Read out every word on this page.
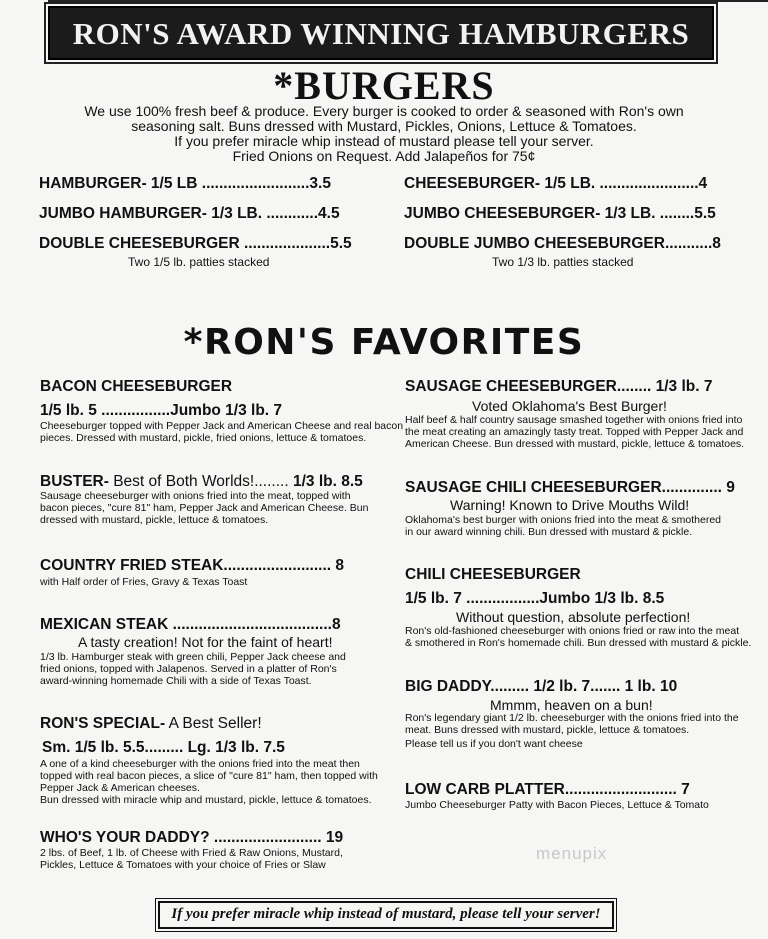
RON'S AWARD WINNING HAMBURGERS
*BURGERS
We use 100% fresh beef & produce. Every burger is cooked to order & seasoned with Ron's own
seasoning salt. Buns dressed with Mustard, Pickles, Onions, Lettuce & Tomatoes.
If you prefer miracle whip instead of mustard please tell your server.
Fried Onions on Request. Add Jalapeños for 75¢
HAMBURGER- 1/5 LB .........................3.5
JUMBO HAMBURGER- 1/3 LB. ............4.5
DOUBLE CHEESEBURGER ....................5.5
Two 1/5 lb. patties stacked
CHEESEBURGER- 1/5 LB. .......................4
JUMBO CHEESEBURGER- 1/3 LB. ........5.5
DOUBLE JUMBO CHEESEBURGER...........8
Two 1/3 lb. patties stacked
*RON'S FAVORITES
BACON CHEESEBURGER
1/5 lb. 5 ................Jumbo 1/3 lb. 7
Cheeseburger topped with Pepper Jack and American Cheese and real bacon
pieces. Dressed with mustard, pickle, fried onions, lettuce & tomatoes.
BUSTER- Best of Both Worlds!........ 1/3 lb. 8.5
Sausage cheeseburger with onions fried into the meat, topped with
bacon pieces, "cure 81" ham, Pepper Jack and American Cheese. Bun
dressed with mustard, pickle, lettuce & tomatoes.
COUNTRY FRIED STEAK......................... 8
with Half order of Fries, Gravy & Texas Toast
MEXICAN STEAK .....................................8
A tasty creation! Not for the faint of heart!
1/3 lb. Hamburger steak with green chili, Pepper Jack cheese and
fried onions, topped with Jalapenos. Served in a platter of Ron's
award-winning homemade Chili with a side of Texas Toast.
RON'S SPECIAL- A Best Seller!
Sm. 1/5 lb. 5.5......... Lg. 1/3 lb. 7.5
A one of a kind cheeseburger with the onions fried into the meat then
topped with real bacon pieces, a slice of "cure 81" ham, then topped with
Pepper Jack & American cheeses.
Bun dressed with miracle whip and mustard, pickle, lettuce & tomatoes.
WHO'S YOUR DADDY? ......................... 19
2 lbs. of Beef, 1 lb. of Cheese with Fried & Raw Onions, Mustard,
Pickles, Lettuce & Tomatoes with your choice of Fries or Slaw
SAUSAGE CHEESEBURGER........ 1/3 lb. 7
Voted Oklahoma's Best Burger!
Half beef & half country sausage smashed together with onions fried into
the meat creating an amazingly tasty treat. Topped with Pepper Jack and
American Cheese. Bun dressed with mustard, pickle, lettuce & tomatoes.
SAUSAGE CHILI CHEESEBURGER.............. 9
Warning! Known to Drive Mouths Wild!
Oklahoma's best burger with onions fried into the meat & smothered
in our award winning chili. Bun dressed with mustard & pickle.
CHILI CHEESEBURGER
1/5 lb. 7 .................Jumbo 1/3 lb. 8.5
Without question, absolute perfection!
Ron's old-fashioned cheeseburger with onions fried or raw into the meat
& smothered in Ron's homemade chili. Bun dressed with mustard & pickle.
BIG DADDY......... 1/2 lb. 7....... 1 lb. 10
Mmmm, heaven on a bun!
Ron's legendary giant 1/2 lb. cheeseburger with the onions fried into the
meat. Buns dressed with mustard, pickle, lettuce & tomatoes.
Please tell us if you don't want cheese
LOW CARB PLATTER.......................... 7
Jumbo Cheeseburger Patty with Bacon Pieces, Lettuce & Tomato
menupix
If you prefer miracle whip instead of mustard, please tell your server!
